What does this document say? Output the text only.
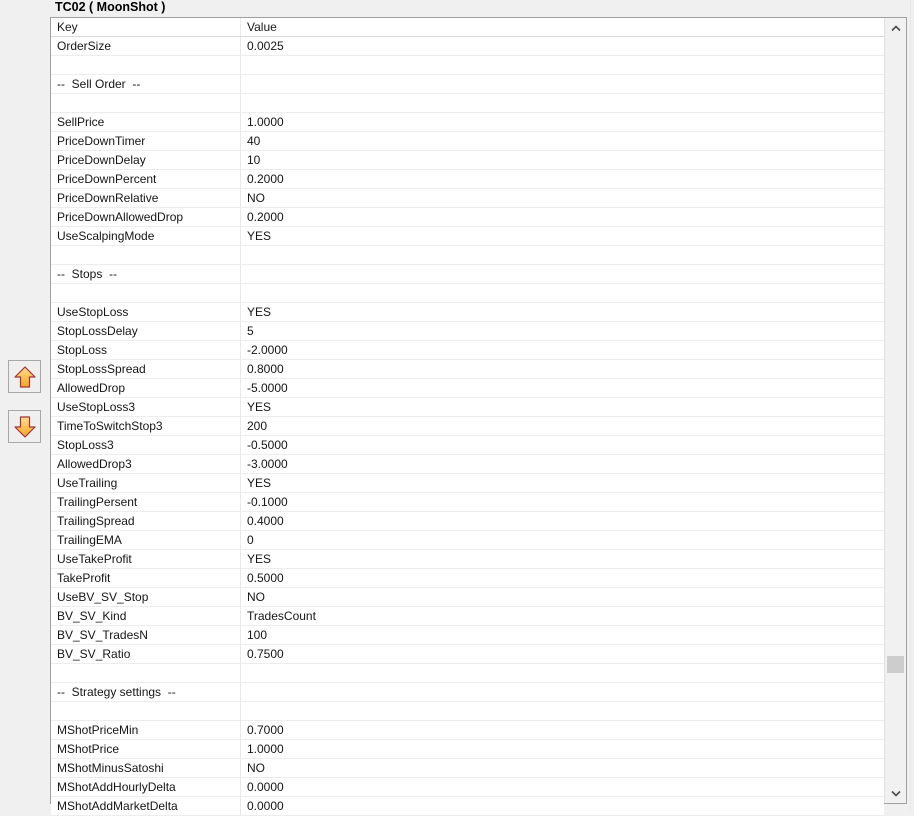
TC02 ( MoonShot )
Key	Value
OrderSize	0.0025
--  Sell Order  --
SellPrice	1.0000
PriceDownTimer	40
PriceDownDelay	10
PriceDownPercent	0.2000
PriceDownRelative	NO
PriceDownAllowedDrop	0.2000
UseScalpingMode	YES
--  Stops  --
UseStopLoss	YES
StopLossDelay	5
StopLoss	-2.0000
StopLossSpread	0.8000
AllowedDrop	-5.0000
UseStopLoss3	YES
TimeToSwitchStop3	200
StopLoss3	-0.5000
AllowedDrop3	-3.0000
UseTrailing	YES
TrailingPersent	-0.1000
TrailingSpread	0.4000
TrailingEMA	0
UseTakeProfit	YES
TakeProfit	0.5000
UseBV_SV_Stop	NO
BV_SV_Kind	TradesCount
BV_SV_TradesN	100
BV_SV_Ratio	0.7500
--  Strategy settings  --
MShotPriceMin	0.7000
MShotPrice	1.0000
MShotMinusSatoshi	NO
MShotAddHourlyDelta	0.0000
MShotAddMarketDelta	0.0000
